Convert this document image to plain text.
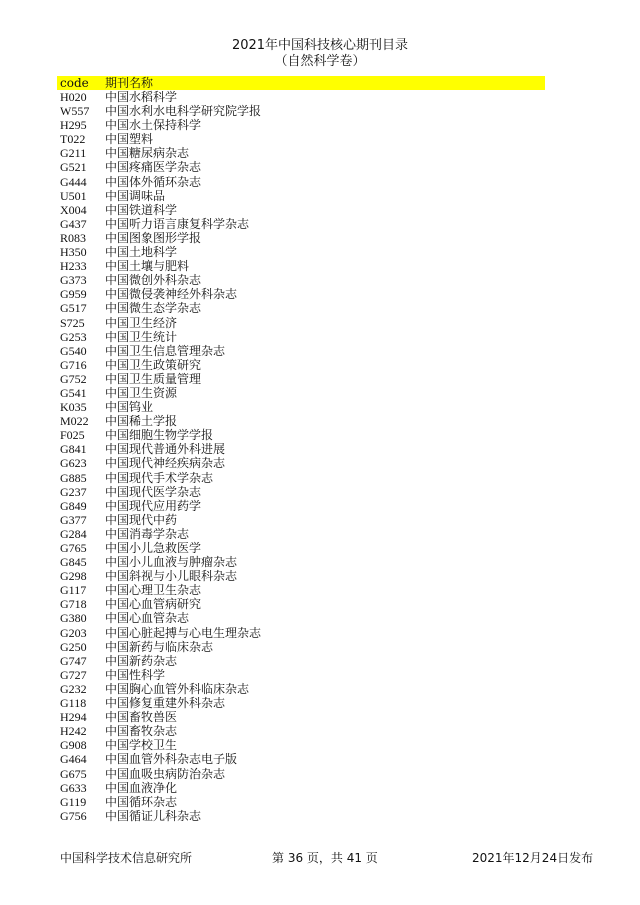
2021年中国科技核心期刊目录
（自然科学卷）
code 期刊名称
H020 中国水稻科学
W557 中国水利水电科学研究院学报
H295 中国水土保持科学
T022 中国塑料
G211 中国糖尿病杂志
G521 中国疼痛医学杂志
G444 中国体外循环杂志
U501 中国调味品
X004 中国铁道科学
G437 中国听力语言康复科学杂志
R083 中国图象图形学报
H350 中国土地科学
H233 中国土壤与肥料
G373 中国微创外科杂志
G959 中国微侵袭神经外科杂志
G517 中国微生态学杂志
S725 中国卫生经济
G253 中国卫生统计
G540 中国卫生信息管理杂志
G716 中国卫生政策研究
G752 中国卫生质量管理
G541 中国卫生资源
K035 中国钨业
M022 中国稀土学报
F025 中国细胞生物学学报
G841 中国现代普通外科进展
G623 中国现代神经疾病杂志
G885 中国现代手术学杂志
G237 中国现代医学杂志
G849 中国现代应用药学
G377 中国现代中药
G284 中国消毒学杂志
G765 中国小儿急救医学
G845 中国小儿血液与肿瘤杂志
G298 中国斜视与小儿眼科杂志
G117 中国心理卫生杂志
G718 中国心血管病研究
G380 中国心血管杂志
G203 中国心脏起搏与心电生理杂志
G250 中国新药与临床杂志
G747 中国新药杂志
G727 中国性科学
G232 中国胸心血管外科临床杂志
G118 中国修复重建外科杂志
H294 中国畜牧兽医
H242 中国畜牧杂志
G908 中国学校卫生
G464 中国血管外科杂志电子版
G675 中国血吸虫病防治杂志
G633 中国血液净化
G119 中国循环杂志
G756 中国循证儿科杂志
中国科学技术信息研究所	第 36 页，共 41 页	2021年12月24日发布
